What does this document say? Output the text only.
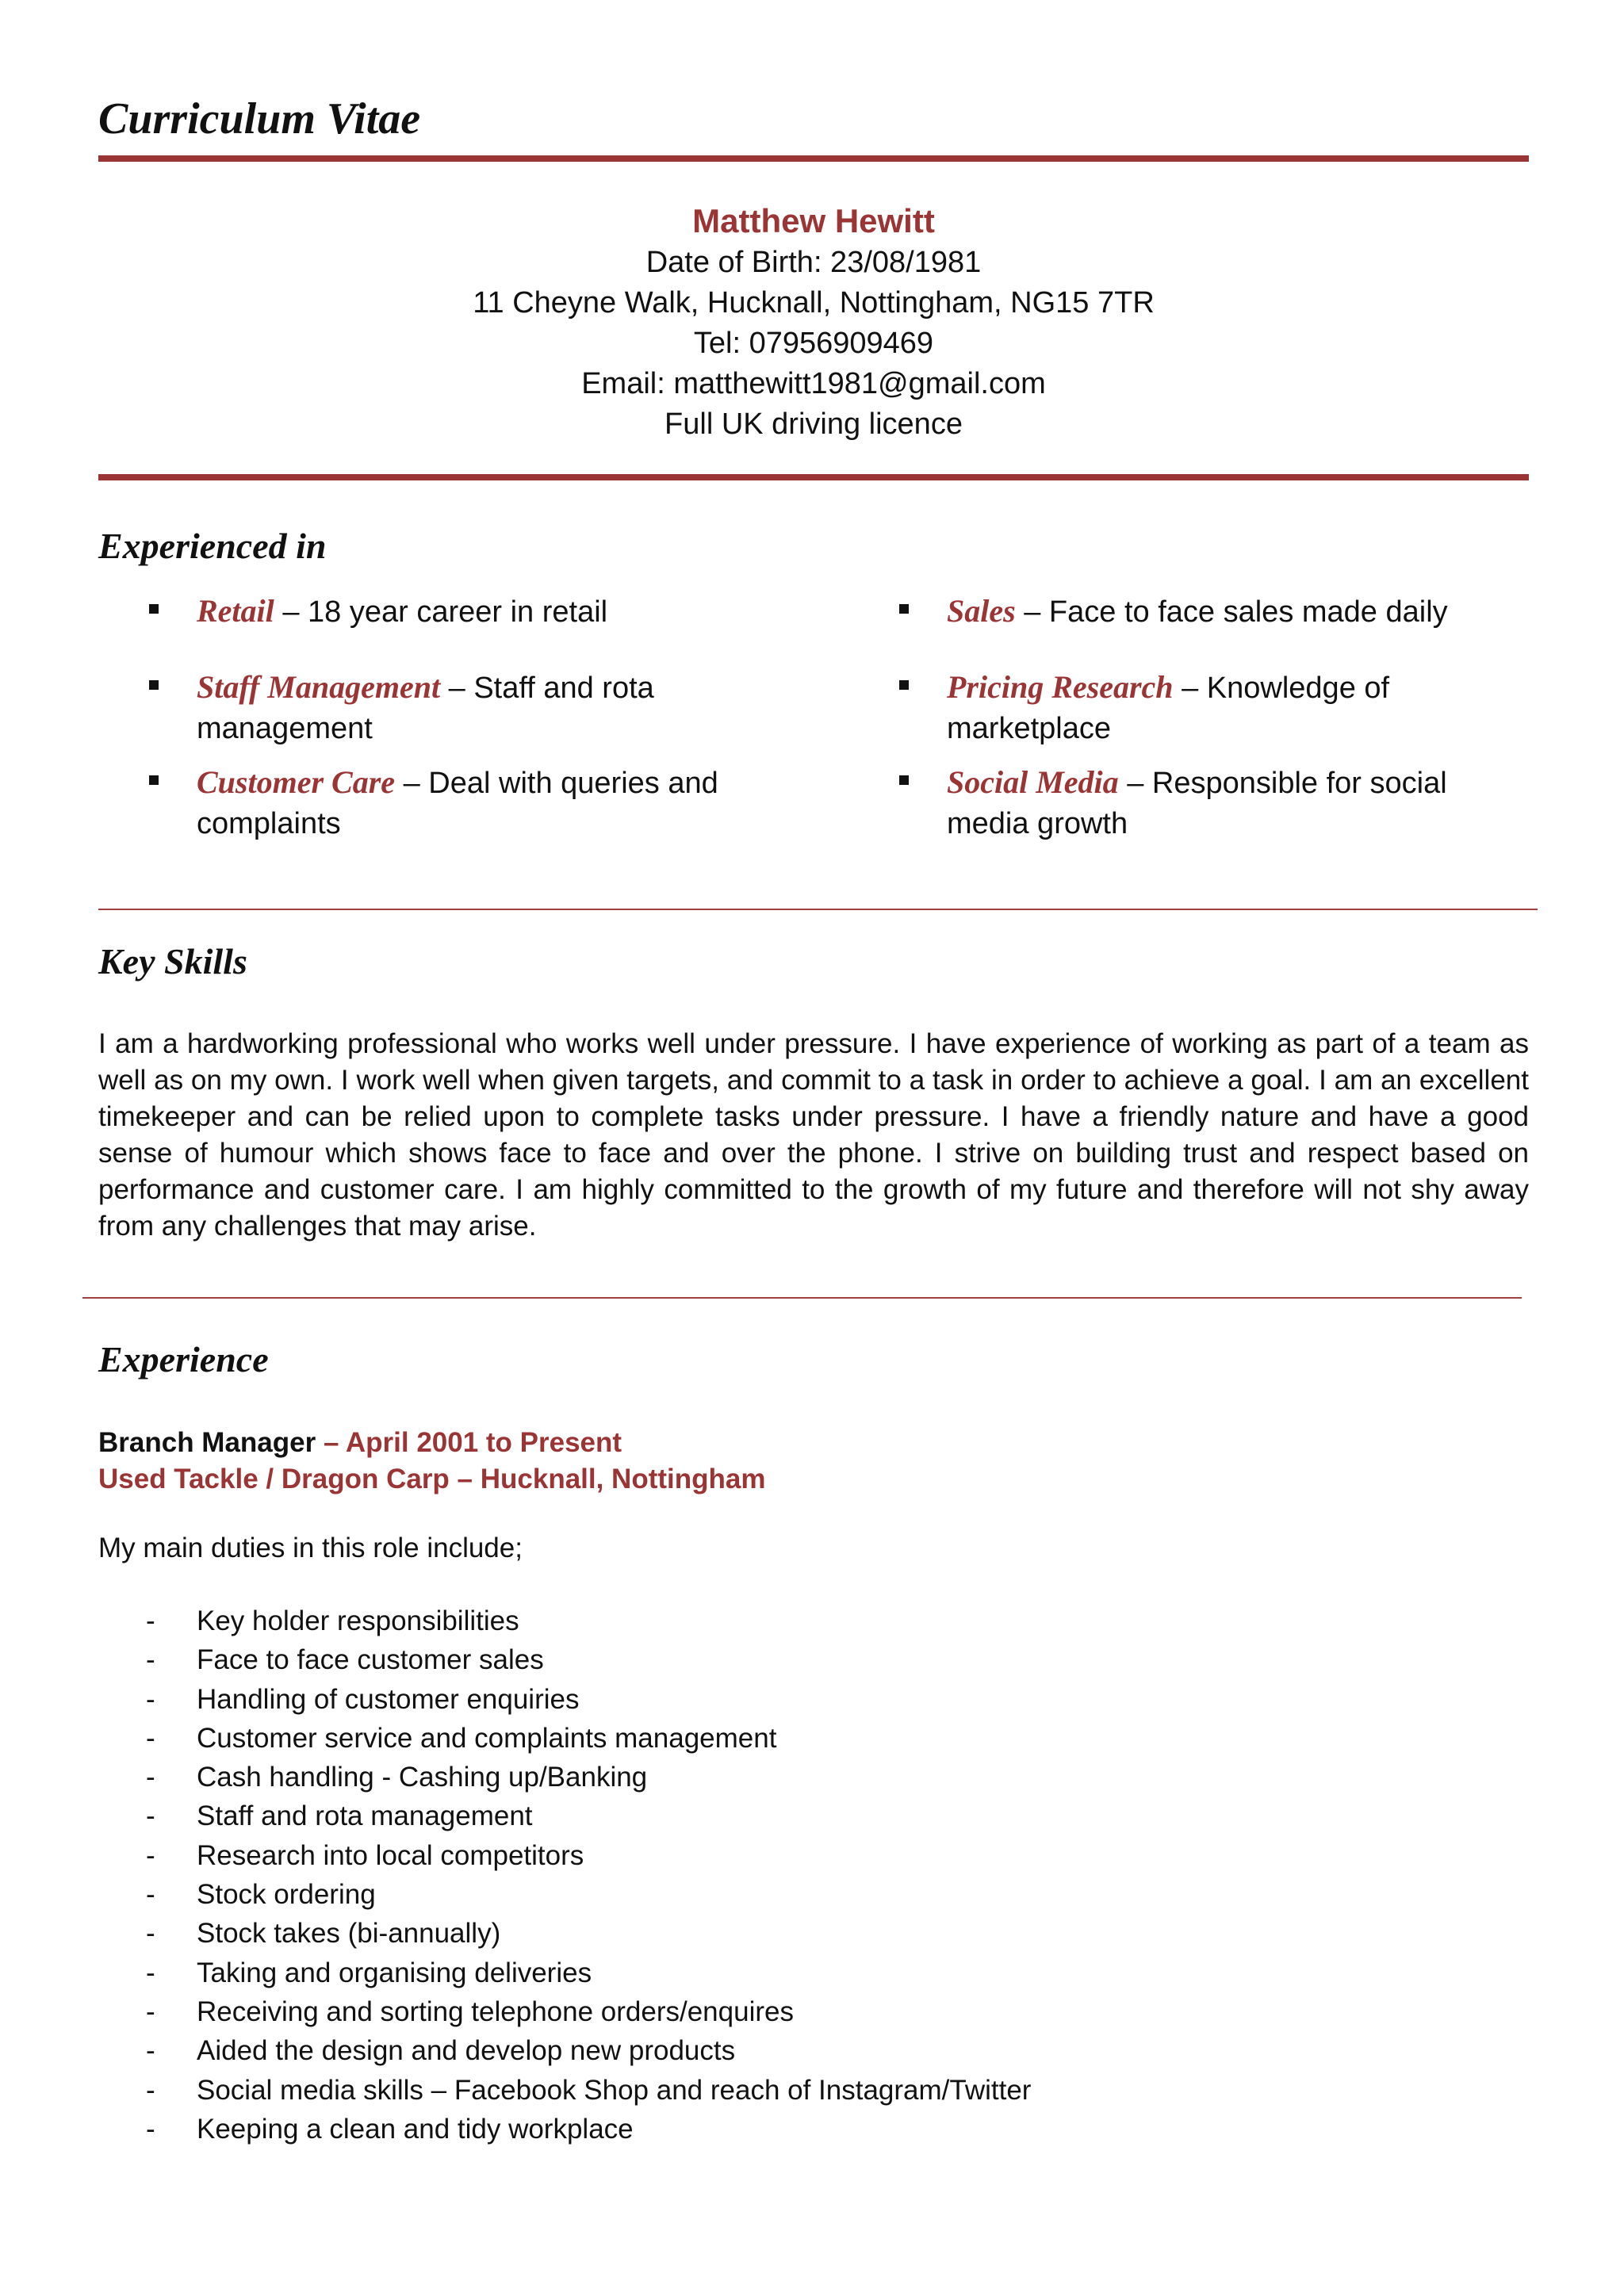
Curriculum Vitae
Matthew Hewitt
Date of Birth: 23/08/1981
11 Cheyne Walk, Hucknall, Nottingham, NG15 7TR
Tel: 07956909469
Email: matthewitt1981@gmail.com
Full UK driving licence
Experienced in
Retail – 18 year career in retail	Sales – Face to face sales made daily
Staff Management – Staff and rota management
Pricing Research – Knowledge of marketplace
Customer Care – Deal with queries and complaints
Social Media – Responsible for social media growth
Key Skills
I am a hardworking professional who works well under pressure. I have experience of working as part of a team as well as on my own. I work well when given targets, and commit to a task in order to achieve a goal. I am an excellent timekeeper and can be relied upon to complete tasks under pressure. I have a friendly nature and have a good sense of humour which shows face to face and over the phone. I strive on building trust and respect based on performance and customer care. I am highly committed to the growth of my future and therefore will not shy away from any challenges that may arise.
Experience
Branch Manager – April 2001 to Present
Used Tackle / Dragon Carp – Hucknall, Nottingham
My main duties in this role include;
- Key holder responsibilities
- Face to face customer sales
- Handling of customer enquiries
- Customer service and complaints management
- Cash handling - Cashing up/Banking
- Staff and rota management
- Research into local competitors
- Stock ordering
- Stock takes (bi-annually)
- Taking and organising deliveries
- Receiving and sorting telephone orders/enquires
- Aided the design and develop new products
- Social media skills – Facebook Shop and reach of Instagram/Twitter
- Keeping a clean and tidy workplace
